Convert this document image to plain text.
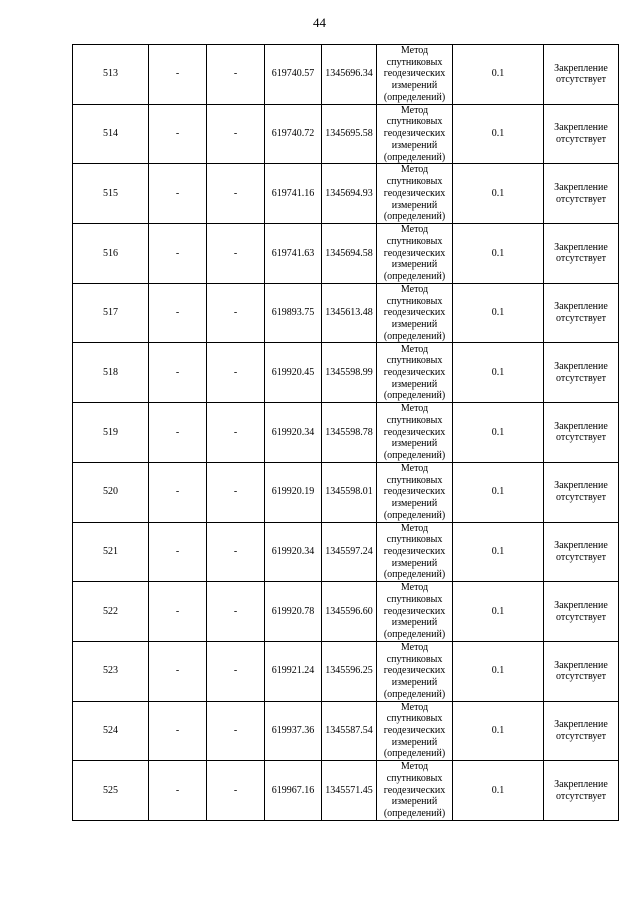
44
513	-	-	619740.57	1345696.34	Метод спутниковых геодезических измерений (определений)	0.1	Закрепление отсутствует
514	-	-	619740.72	1345695.58	Метод спутниковых геодезических измерений (определений)	0.1	Закрепление отсутствует
515	-	-	619741.16	1345694.93	Метод спутниковых геодезических измерений (определений)	0.1	Закрепление отсутствует
516	-	-	619741.63	1345694.58	Метод спутниковых геодезических измерений (определений)	0.1	Закрепление отсутствует
517	-	-	619893.75	1345613.48	Метод спутниковых геодезических измерений (определений)	0.1	Закрепление отсутствует
518	-	-	619920.45	1345598.99	Метод спутниковых геодезических измерений (определений)	0.1	Закрепление отсутствует
519	-	-	619920.34	1345598.78	Метод спутниковых геодезических измерений (определений)	0.1	Закрепление отсутствует
520	-	-	619920.19	1345598.01	Метод спутниковых геодезических измерений (определений)	0.1	Закрепление отсутствует
521	-	-	619920.34	1345597.24	Метод спутниковых геодезических измерений (определений)	0.1	Закрепление отсутствует
522	-	-	619920.78	1345596.60	Метод спутниковых геодезических измерений (определений)	0.1	Закрепление отсутствует
523	-	-	619921.24	1345596.25	Метод спутниковых геодезических измерений (определений)	0.1	Закрепление отсутствует
524	-	-	619937.36	1345587.54	Метод спутниковых геодезических измерений (определений)	0.1	Закрепление отсутствует
525	-	-	619967.16	1345571.45	Метод спутниковых геодезических измерений (определений)	0.1	Закрепление отсутствует
